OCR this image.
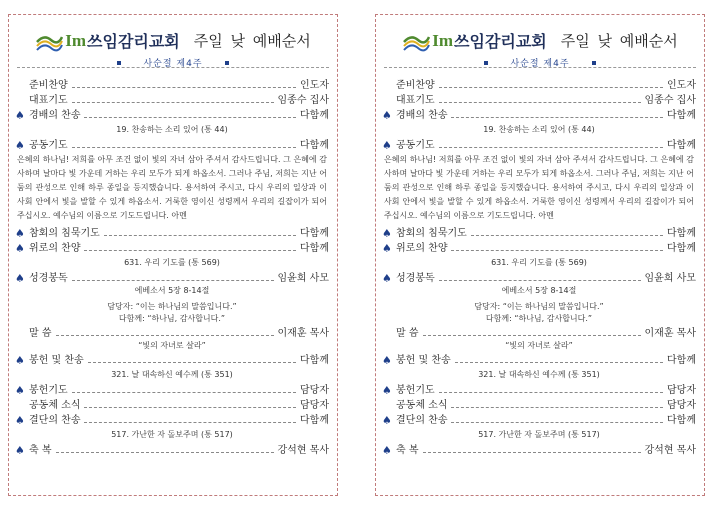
Im 쓰임감리교회 주일 낮 예배순서
사순절 제4주
준비찬양	인도자
대표기도	임종수 집사
♠ 경배의 찬송	다함께
19. 찬송하는 소리 있어 (통 44)
♠ 공동기도	다함께
은혜의 하나님! 저희를 아무 조건 없이 빛의 자녀 삼아 주셔서 감사드립니다. 그 은혜에 감사하며 날마다 빛 가운데 거하는 우리 모두가 되게 하옵소서. 그러나 주님, 저희는 지난 어둠의 관성으로 인해 하루 종일을 등지했습니다. 용서하여 주시고, 다시 우리의 일상과 이 사회 안에서 빛을 발할 수 있게 하옵소서. 거룩한 영이신 성령께서 우리의 길잡이가 되어 주십시오. 예수님의 이름으로 기도드립니다. 아멘
♠ 참회의 침묵기도	다함께
♠ 위로의 찬양	다함께
631. 우리 기도를 (통 569)
♠ 성경봉독	임윤희 사모
에베소서 5장 8-14절
담당자: “이는 하나님의 말씀입니다.”
다함께: “하나님, 감사합니다.”
말 씀	이재훈 목사
“빛의 자녀로 살라”
♠ 봉헌 및 찬송	다함께
321. 날 대속하신 예수께 (통 351)
♠ 봉헌기도	담당자
공동체 소식	담당자
♠ 결단의 찬송	다함께
517. 가난한 자 돌보주며 (통 517)
♠ 축 복	강석현 목사
Im 쓰임감리교회 주일 낮 예배순서
사순절 제4주
준비찬양	인도자
대표기도	임종수 집사
♠ 경배의 찬송	다함께
19. 찬송하는 소리 있어 (통 44)
♠ 공동기도	다함께
은혜의 하나님! 저희를 아무 조건 없이 빛의 자녀 삼아 주셔서 감사드립니다. 그 은혜에 감사하며 날마다 빛 가운데 거하는 우리 모두가 되게 하옵소서. 그러나 주님, 저희는 지난 어둠의 관성으로 인해 하루 종일을 등지했습니다. 용서하여 주시고, 다시 우리의 일상과 이 사회 안에서 빛을 발할 수 있게 하옵소서. 거룩한 영이신 성령께서 우리의 길잡이가 되어 주십시오. 예수님의 이름으로 기도드립니다. 아멘
♠ 참회의 침묵기도	다함께
♠ 위로의 찬양	다함께
631. 우리 기도를 (통 569)
♠ 성경봉독	임윤희 사모
에베소서 5장 8-14절
담당자: “이는 하나님의 말씀입니다.”
다함께: “하나님, 감사합니다.”
말 씀	이재훈 목사
“빛의 자녀로 살라”
♠ 봉헌 및 찬송	다함께
321. 날 대속하신 예수께 (통 351)
♠ 봉헌기도	담당자
공동체 소식	담당자
♠ 결단의 찬송	다함께
517. 가난한 자 돌보주며 (통 517)
♠ 축 복	강석현 목사
